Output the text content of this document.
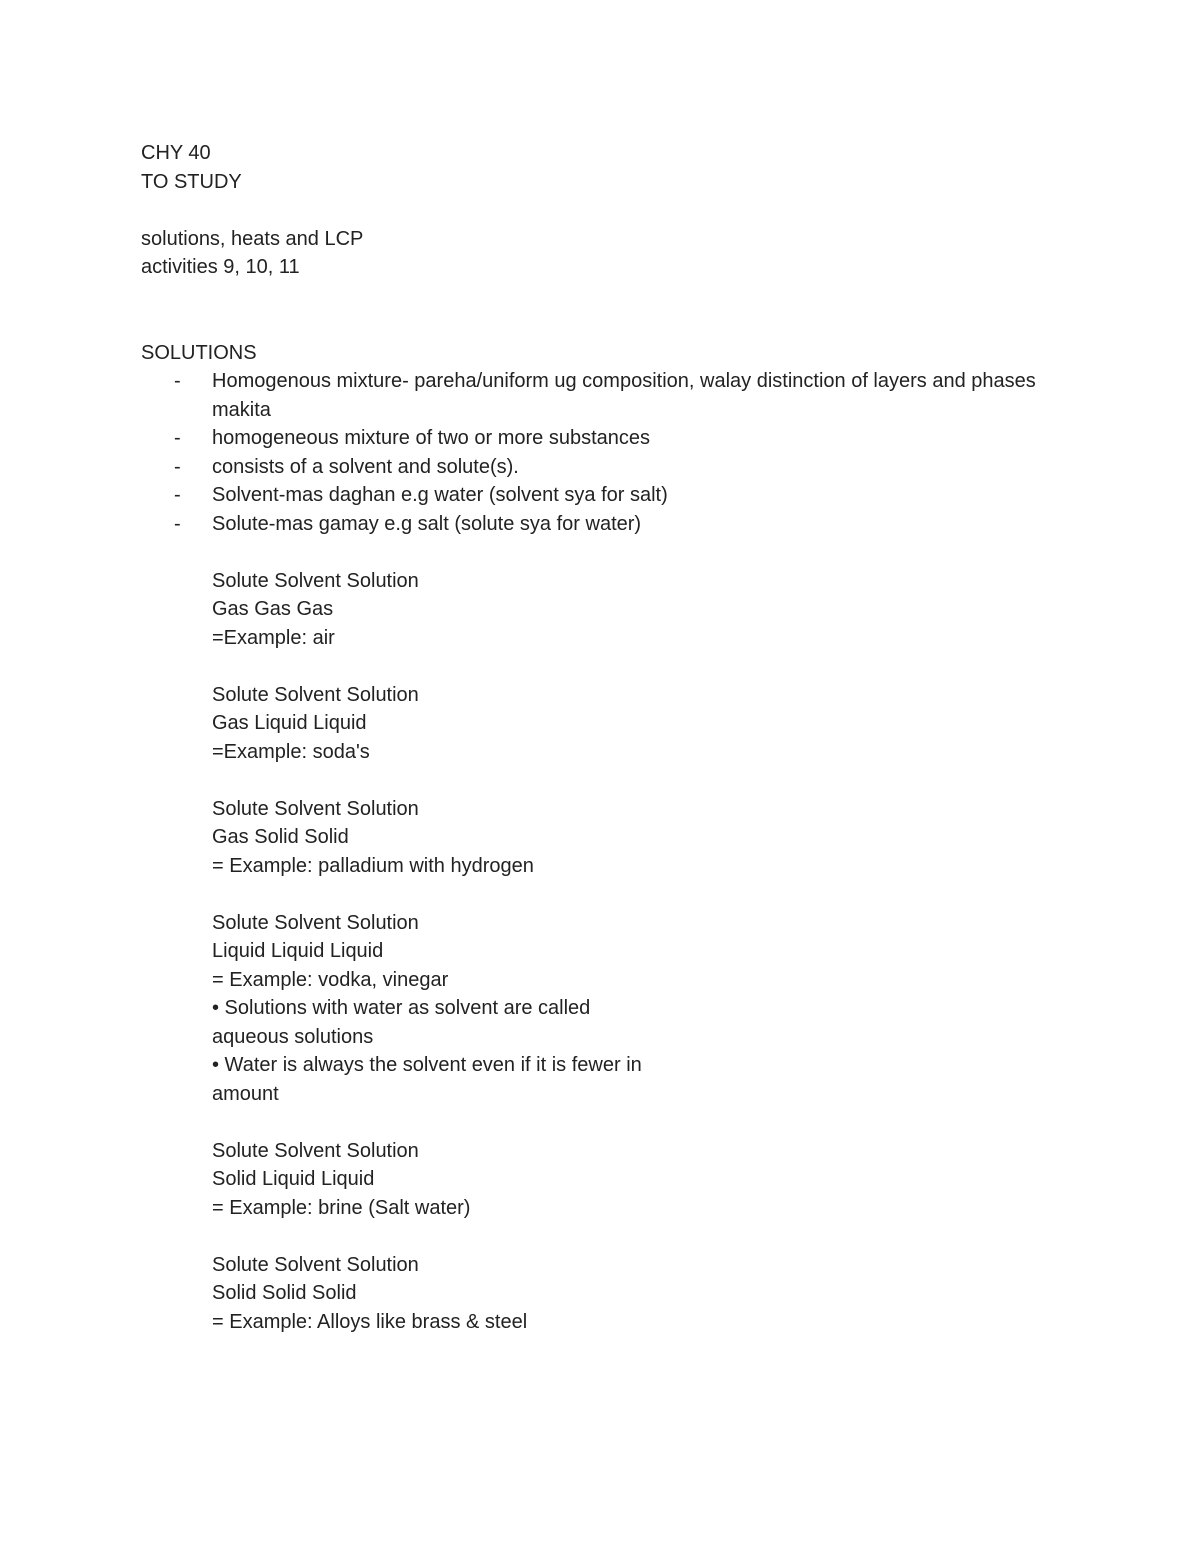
CHY 40
TO STUDY
solutions, heats and LCP
activities 9, 10, 11
SOLUTIONS
- Homogenous mixture- pareha/uniform ug composition, walay distinction of layers and phases makita
- homogeneous mixture of two or more substances
- consists of a solvent and solute(s).
- Solvent-mas daghan e.g water (solvent sya for salt)
- Solute-mas gamay e.g salt (solute sya for water)
Solute Solvent Solution
Gas Gas Gas
=Example: air
Solute Solvent Solution
Gas Liquid Liquid
=Example: soda's
Solute Solvent Solution
Gas Solid Solid
= Example: palladium with hydrogen
Solute Solvent Solution
Liquid Liquid Liquid
= Example: vodka, vinegar
• Solutions with water as solvent are called
aqueous solutions
• Water is always the solvent even if it is fewer in
amount
Solute Solvent Solution
Solid Liquid Liquid
= Example: brine (Salt water)
Solute Solvent Solution
Solid Solid Solid
= Example: Alloys like brass & steel
